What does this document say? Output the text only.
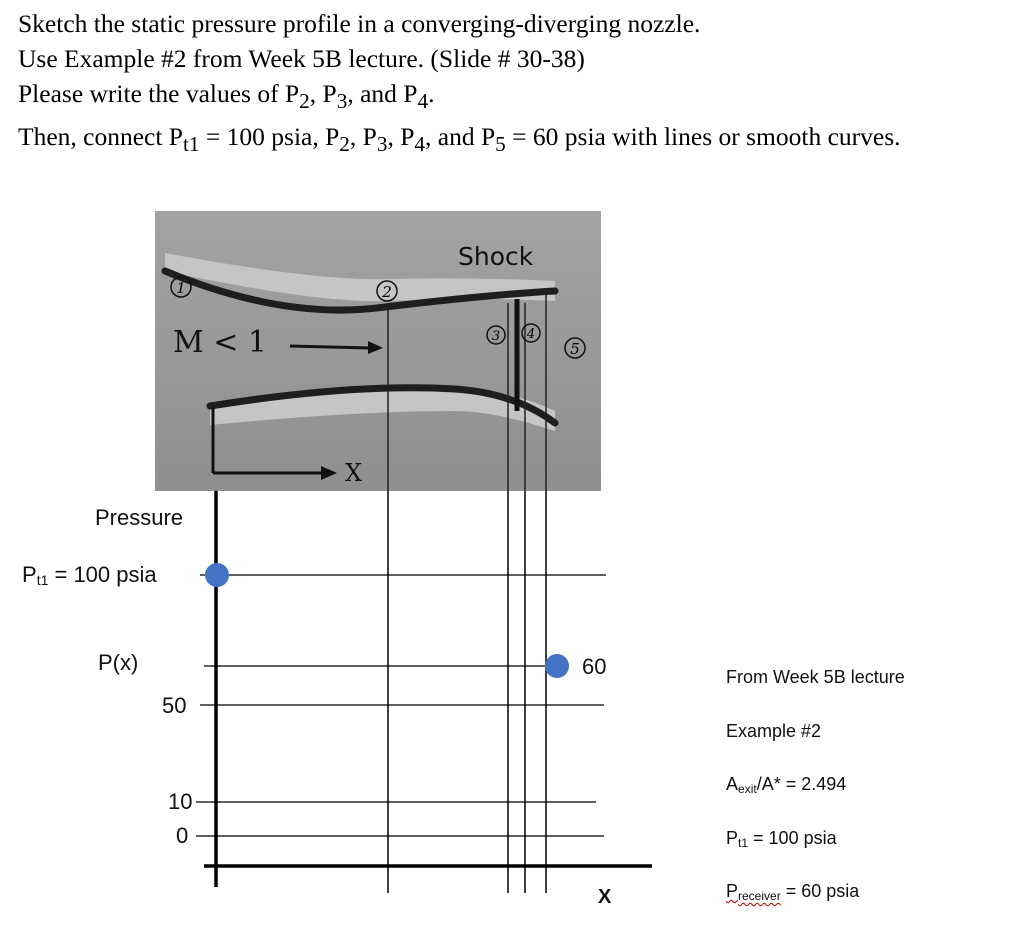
Sketch the static pressure profile in a converging-diverging nozzle.

Use Example #2 from Week 5B lecture. (Slide # 30-38)

Please write the values of $P_2$, $P_3$, and $P_4$.

Then, connect $P_{t1} = 100$ psia, $P_2$, $P_3$, $P_4$, and $P_5 = 60$ psia with lines or smooth curves.

1	2
3 4
5
M < 1
Shock
X
Pressure
$P_{t1} = 100$ psia
P(x)
50
10
0
60
X
From Week 5B lecture
Example #2
$A_{exit}/A* = 2.494$
$P_{t1} = 100$ psia
$P_{receiver} = 60$ psia
